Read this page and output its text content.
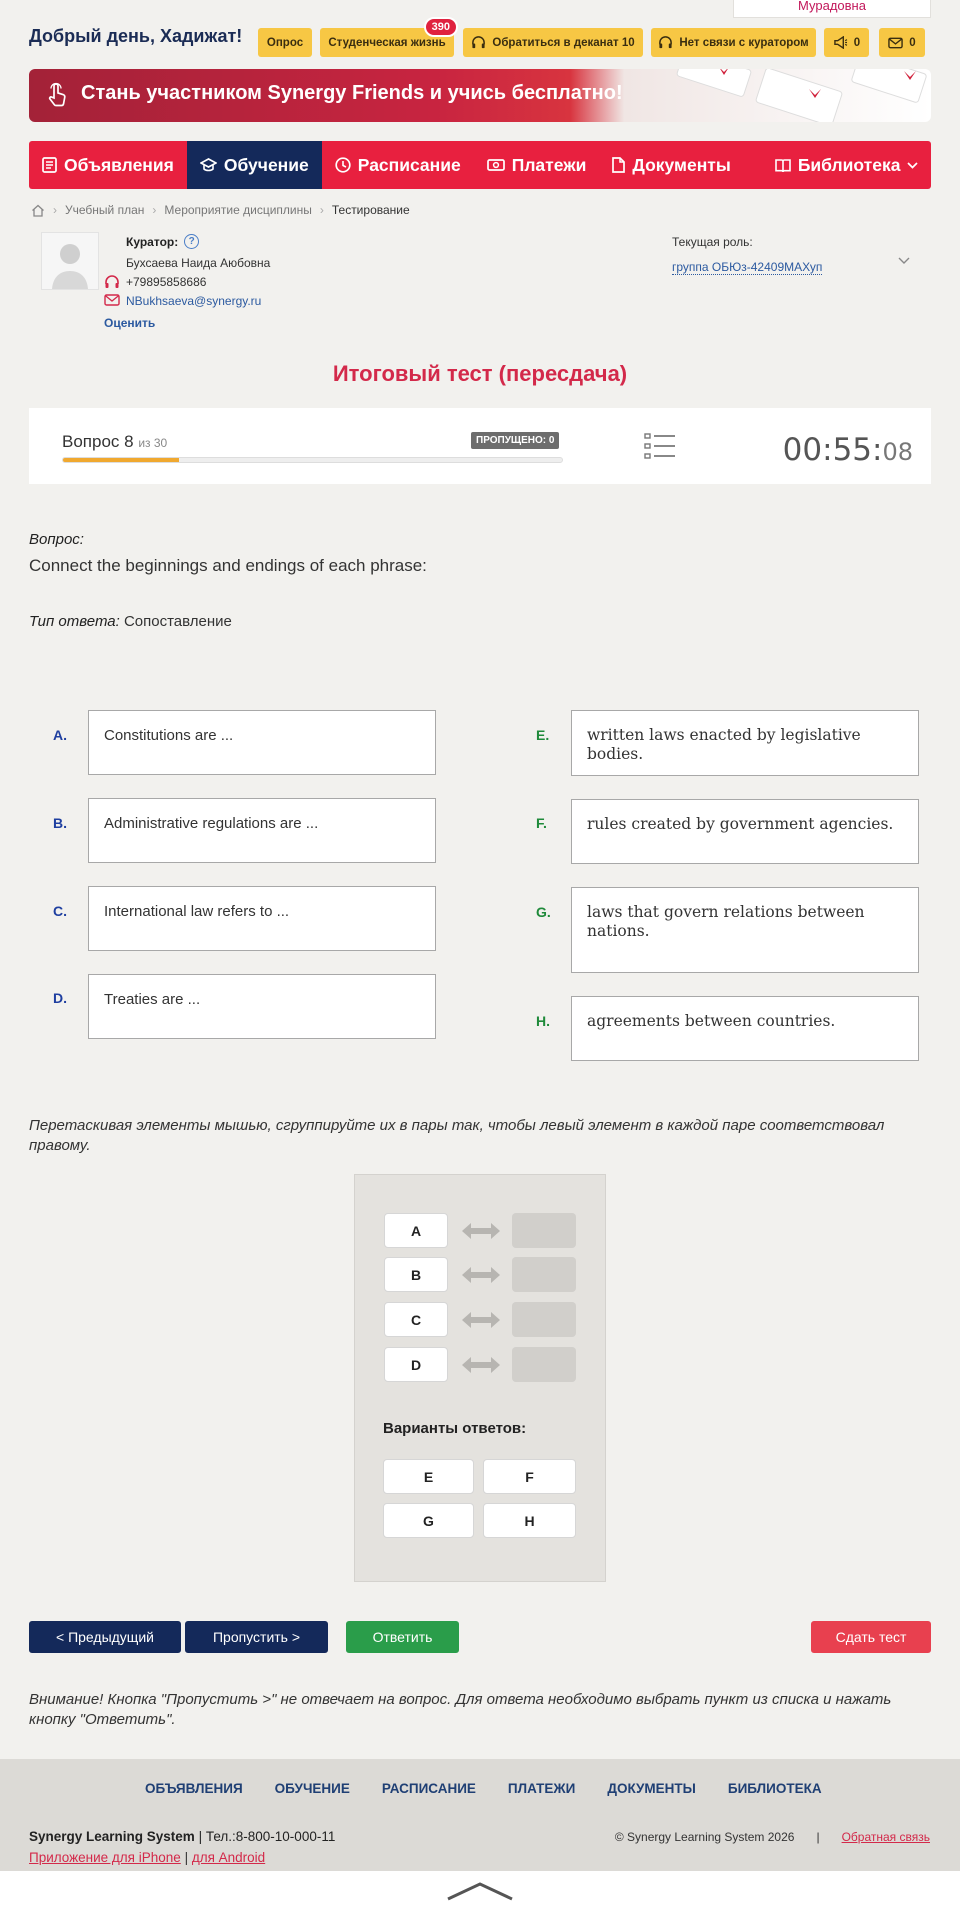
Мурадовна
Добрый день, Хадижат! Опрос Студенческая жизнь
390
Обратиться в деканат 10	Нет связи с куратором	0	0
Стань участником Synergy Friends и учись бесплатно!
Объявления	Обучение	Расписание	Платежи	Документы	Библиотека
› Учебный план › Мероприятие дисциплины › Тестирование
Куратор:	?
Бухсаева Наида Аюбовна
+79895858686
NBukhsaeva@synergy.ru
Оценить
Текущая роль:
группа ОБЮз-42409МАХуп
Итоговый тест (пересдача)
Вопрос 8 из 30	ПРОПУЩЕНО: 0	00:55:08
Вопрос:
Connect the beginnings and endings of each phrase:
Тип ответа: Сопоставление
A.	Constitutions are ...
B.	Administrative regulations are ...
C.	International law refers to ...
D.	Treaties are ...
E.	written laws enacted by legislative bodies.
F.	rules created by government agencies.
G.	laws that govern relations between nations.
H.	agreements between countries.
Перетаскивая элементы мышью, сгруппируйте их в пары так, чтобы левый элемент в каждой паре соответствовал правому.
A
B
C
D
Варианты ответов:
E	F
G	H
< Предыдущий	Пропустить >	Ответить	Сдать тест
Внимание! Кнопка "Пропустить >" не отвечает на вопрос. Для ответа необходимо выбрать пункт из списка и нажать кнопку "Ответить".
ОБЪЯВЛЕНИЯ ОБУЧЕНИЕ РАСПИСАНИЕ ПЛАТЕЖИ ДОКУМЕНТЫ БИБЛИОТЕКА
Synergy Learning System | Тел.:8-800-10-000-11
Приложение для iPhone | для Android
© Synergy Learning System 2026 | Обратная связь
